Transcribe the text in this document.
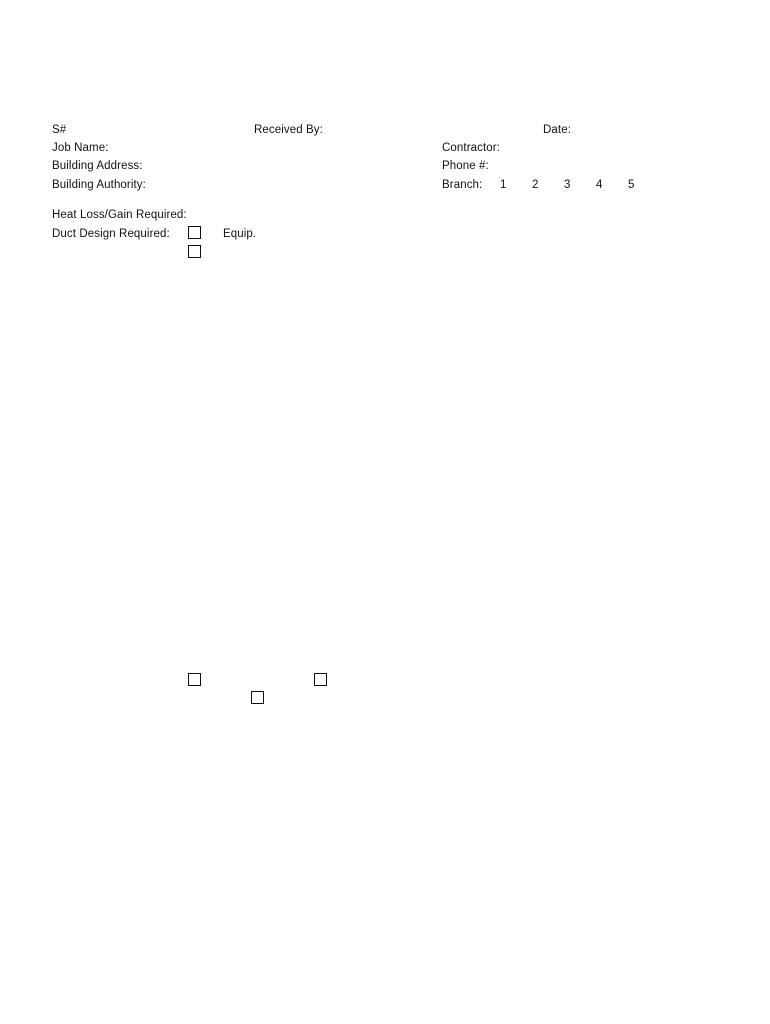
S#	Received By:	Date:
Job Name:	Contractor:
Building Address:	Phone #:
Building Authority:	Branch: 1 2 3 4 5
Heat Loss/Gain Required:
Duct Design Required:	Equip.
